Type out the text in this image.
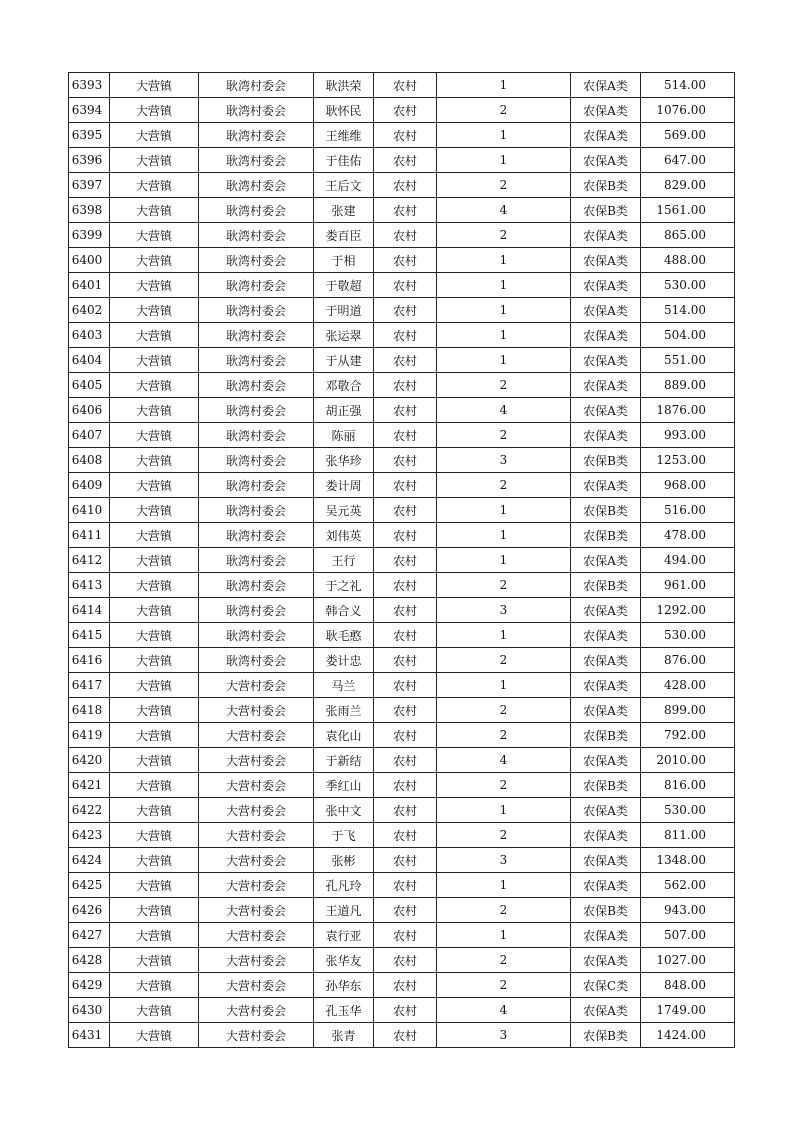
6393	大营镇	耿湾村委会	耿洪荣	农村	1	农保A类	514.00
6394	大营镇	耿湾村委会	耿怀民	农村	2	农保A类	1076.00
6395	大营镇	耿湾村委会	王维维	农村	1	农保A类	569.00
6396	大营镇	耿湾村委会	于佳佑	农村	1	农保A类	647.00
6397	大营镇	耿湾村委会	王后文	农村	2	农保B类	829.00
6398	大营镇	耿湾村委会	张建	农村	4	农保B类	1561.00
6399	大营镇	耿湾村委会	娄百臣	农村	2	农保A类	865.00
6400	大营镇	耿湾村委会	于相	农村	1	农保A类	488.00
6401	大营镇	耿湾村委会	于敬超	农村	1	农保A类	530.00
6402	大营镇	耿湾村委会	于明道	农村	1	农保A类	514.00
6403	大营镇	耿湾村委会	张运翠	农村	1	农保A类	504.00
6404	大营镇	耿湾村委会	于从建	农村	1	农保A类	551.00
6405	大营镇	耿湾村委会	邓敬合	农村	2	农保A类	889.00
6406	大营镇	耿湾村委会	胡正强	农村	4	农保A类	1876.00
6407	大营镇	耿湾村委会	陈丽	农村	2	农保A类	993.00
6408	大营镇	耿湾村委会	张华珍	农村	3	农保B类	1253.00
6409	大营镇	耿湾村委会	娄计周	农村	2	农保A类	968.00
6410	大营镇	耿湾村委会	吴元英	农村	1	农保B类	516.00
6411	大营镇	耿湾村委会	刘伟英	农村	1	农保B类	478.00
6412	大营镇	耿湾村委会	王行	农村	1	农保A类	494.00
6413	大营镇	耿湾村委会	于之礼	农村	2	农保B类	961.00
6414	大营镇	耿湾村委会	韩合义	农村	3	农保A类	1292.00
6415	大营镇	耿湾村委会	耿毛憨	农村	1	农保A类	530.00
6416	大营镇	耿湾村委会	娄计忠	农村	2	农保A类	876.00
6417	大营镇	大营村委会	马兰	农村	1	农保A类	428.00
6418	大营镇	大营村委会	张雨兰	农村	2	农保A类	899.00
6419	大营镇	大营村委会	袁化山	农村	2	农保B类	792.00
6420	大营镇	大营村委会	于新结	农村	4	农保A类	2010.00
6421	大营镇	大营村委会	季红山	农村	2	农保B类	816.00
6422	大营镇	大营村委会	张中文	农村	1	农保A类	530.00
6423	大营镇	大营村委会	于飞	农村	2	农保A类	811.00
6424	大营镇	大营村委会	张彬	农村	3	农保A类	1348.00
6425	大营镇	大营村委会	孔凡玲	农村	1	农保A类	562.00
6426	大营镇	大营村委会	王道凡	农村	2	农保B类	943.00
6427	大营镇	大营村委会	袁行亚	农村	1	农保A类	507.00
6428	大营镇	大营村委会	张华友	农村	2	农保A类	1027.00
6429	大营镇	大营村委会	孙华东	农村	2	农保C类	848.00
6430	大营镇	大营村委会	孔玉华	农村	4	农保A类	1749.00
6431	大营镇	大营村委会	张青	农村	3	农保B类	1424.00
